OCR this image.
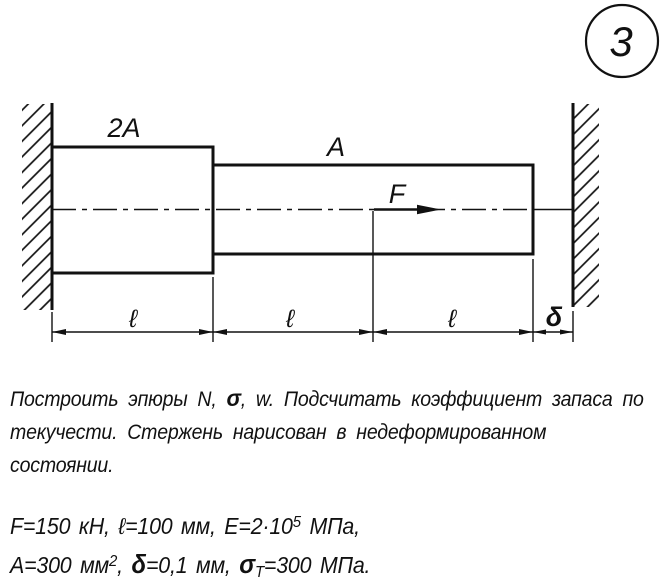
3
F
2A
A
ℓ	ℓ	ℓ	δ

Построить эпюры N, σ, w. Подсчитать коэффициент запаса по

текучести. Стержень нарисован в недеформированном

состоянии.

F=150 кН, ℓ=100 мм, $E=2\cdot 10^5$ МПа,

A=300 $мм^2$, δ=0,1 мм, $\sigma_Т=300$ МПа.
